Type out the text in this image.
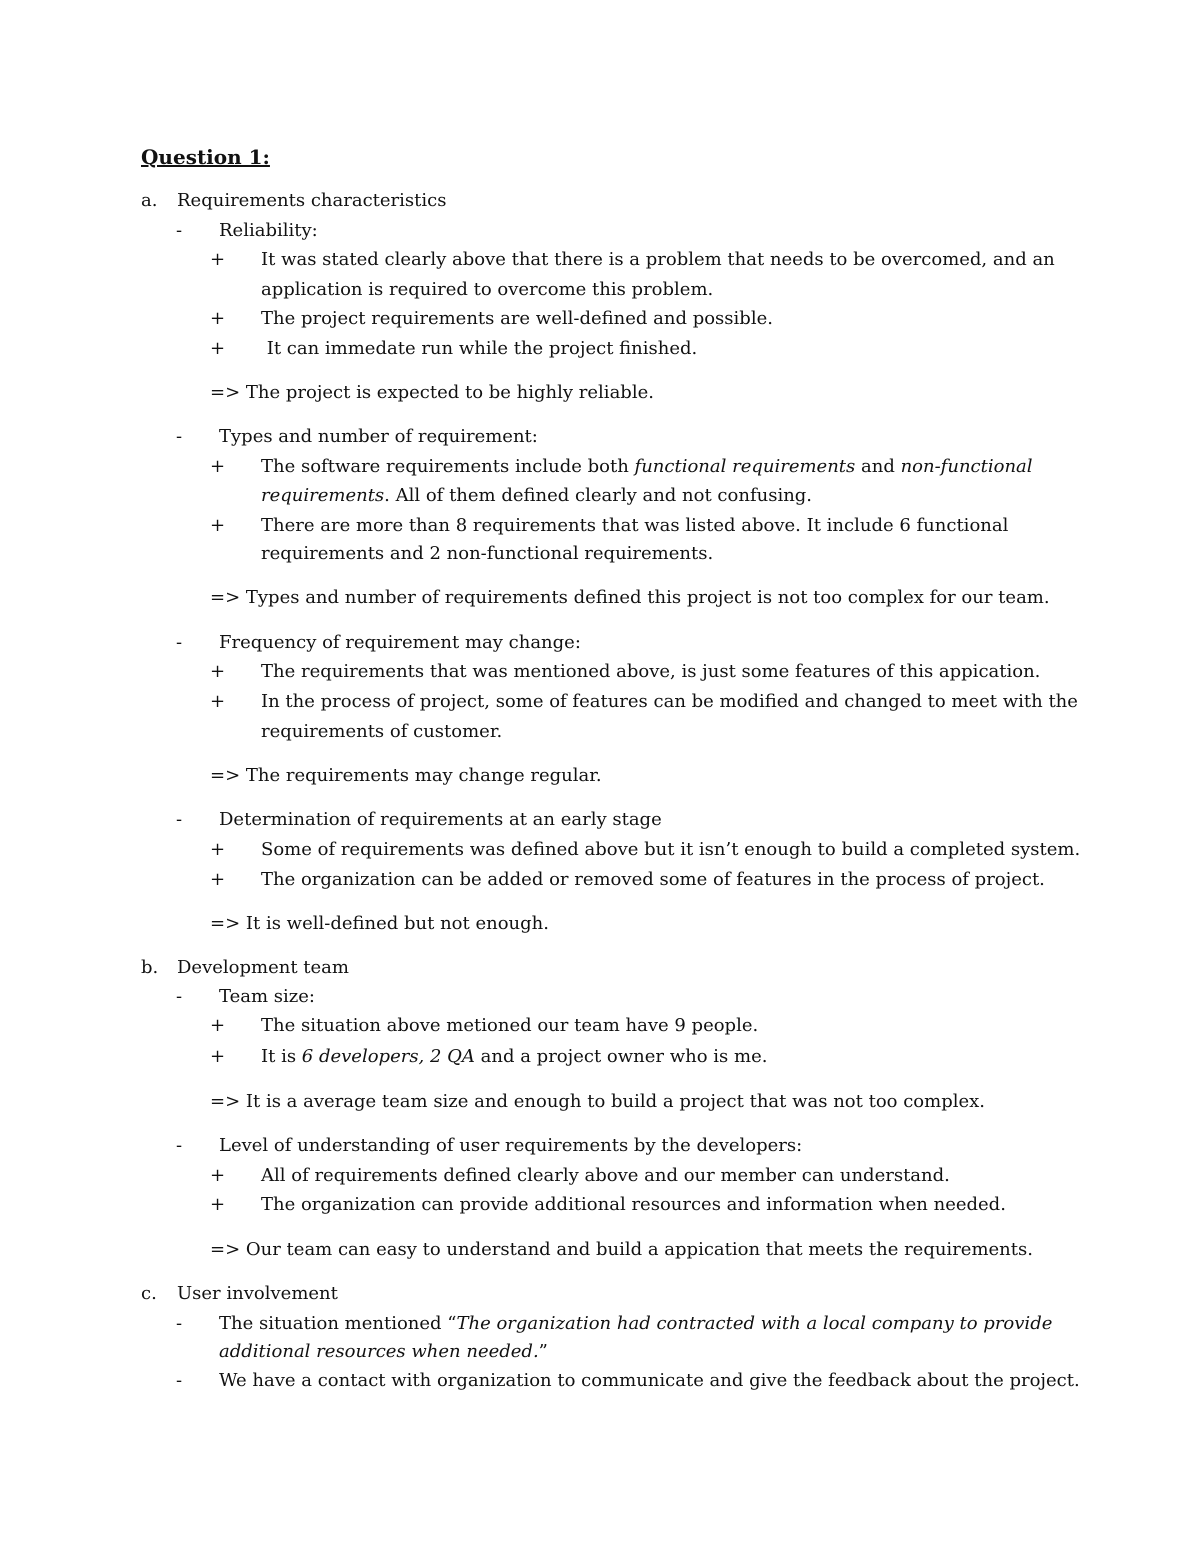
Question 1:
a. Requirements characteristics
- Reliability:
+ It was stated clearly above that there is a problem that needs to be overcomed, and an
application is required to overcome this problem.
+ The project requirements are well-defined and possible.
+ It can immedate run while the project finished.
=> The project is expected to be highly reliable.
- Types and number of requirement:
+ The software requirements include both functional requirements and non-functional
requirements. All of them defined clearly and not confusing.
+ There are more than 8 requirements that was listed above. It include 6 functional
requirements and 2 non-functional requirements.
=> Types and number of requirements defined this project is not too complex for our team.
- Frequency of requirement may change:
+ The requirements that was mentioned above, is just some features of this appication.
+ In the process of project, some of features can be modified and changed to meet with the
requirements of customer.
=> The requirements may change regular.
- Determination of requirements at an early stage
+ Some of requirements was defined above but it isn’t enough to build a completed system.
+ The organization can be added or removed some of features in the process of project.
=> It is well-defined but not enough.
b. Development team
- Team size:
+ The situation above metioned our team have 9 people.
+ It is 6 developers, 2 QA and a project owner who is me.
=> It is a average team size and enough to build a project that was not too complex.
- Level of understanding of user requirements by the developers:
+ All of requirements defined clearly above and our member can understand.
+ The organization can provide additional resources and information when needed.
=> Our team can easy to understand and build a appication that meets the requirements.
c. User involvement
- The situation mentioned “The organization had contracted with a local company to provide
additional resources when needed.”
- We have a contact with organization to communicate and give the feedback about the project.
